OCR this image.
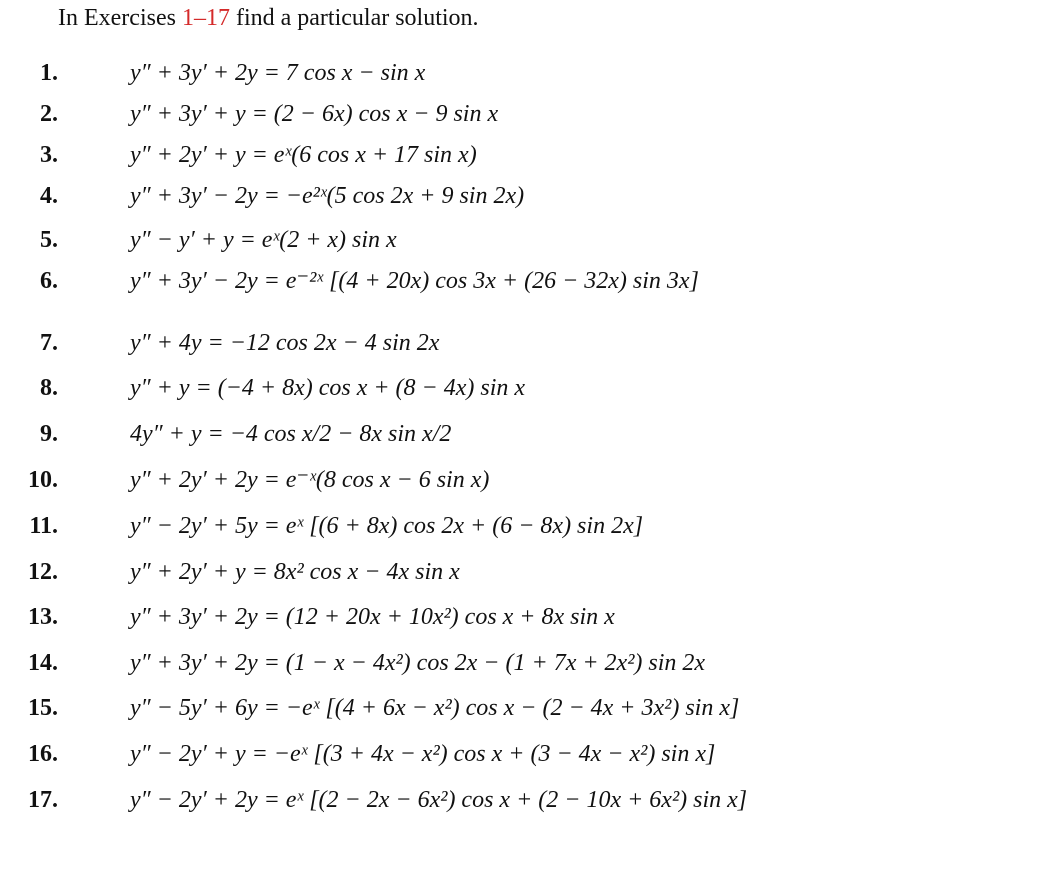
In Exercises 1–17 find a particular solution.
1.	y″ + 3y′ + 2y = 7 cos x − sin x
2.	y″ + 3y′ + y = (2 − 6x) cos x − 9 sin x
3.	y″ + 2y′ + y = eˣ(6 cos x + 17 sin x)
4.	y″ + 3y′ − 2y = −e²ˣ(5 cos 2x + 9 sin 2x)
5.	y″ − y′ + y = eˣ(2 + x) sin x
6.	y″ + 3y′ − 2y = e⁻²ˣ [(4 + 20x) cos 3x + (26 − 32x) sin 3x]
7.	y″ + 4y = −12 cos 2x − 4 sin 2x
8.	y″ + y = (−4 + 8x) cos x + (8 − 4x) sin x
9.	4y″ + y = −4 cos x/2 − 8x sin x/2
10.	y″ + 2y′ + 2y = e⁻ˣ(8 cos x − 6 sin x)
11.	y″ − 2y′ + 5y = eˣ [(6 + 8x) cos 2x + (6 − 8x) sin 2x]
12.	y″ + 2y′ + y = 8x² cos x − 4x sin x
13.	y″ + 3y′ + 2y = (12 + 20x + 10x²) cos x + 8x sin x
14.	y″ + 3y′ + 2y = (1 − x − 4x²) cos 2x − (1 + 7x + 2x²) sin 2x
15.	y″ − 5y′ + 6y = −eˣ [(4 + 6x − x²) cos x − (2 − 4x + 3x²) sin x]
16.	y″ − 2y′ + y = −eˣ [(3 + 4x − x²) cos x + (3 − 4x − x²) sin x]
17.	y″ − 2y′ + 2y = eˣ [(2 − 2x − 6x²) cos x + (2 − 10x + 6x²) sin x]
